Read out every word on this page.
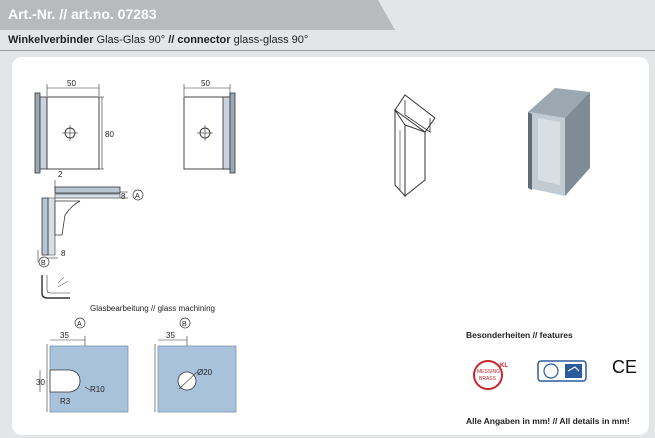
Art.-Nr. // art.no. 07283
Winkelverbinder Glas-Glas 90° // connector glass-glass 90°
50
80
50
2
8 A
8
B
A
35
30
R10
R3
B
35
Ø20	MESSING
BRASS
KL	CE
Glasbearbeitung // glass machining
Besonderheiten // features
Alle Angaben in mm! // All details in mm!
